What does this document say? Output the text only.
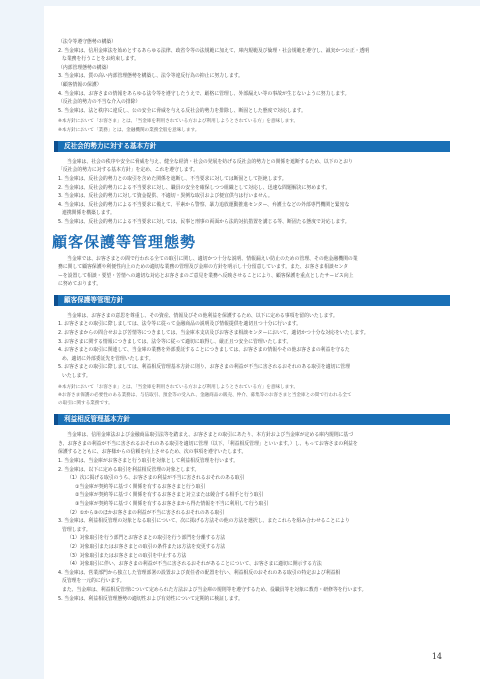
（法令等遵守態勢の構築）
2. 当金庫は、信用金庫法を始めとするあらゆる法律、政省令等の法規範に加えて、庫内規範及び倫理・社会規範を遵守し、誠実かつ公正・透明
な業務を行うことをお約束します。
（内部管理態勢の構築）
3. 当金庫は、質の高い内部管理態勢を構築し、法令等違反行為の抑止に努力します。
（顧客情報の保護）
4. 当金庫は、お客さまの情報をあらゆる法令等を遵守したうえで、厳格に管理し、外部漏えい等の事故が生じないように努力します。
（反社会的勢力の不当な介入の排除）
5. 当金庫は、法と秩序に違反し、公の安全に脅威を与える反社会的勢力を排除し、断固とした態度で対応します。
※本方針において「お客さま」とは、「当金庫を利用されている方および利用しようとされている方」を意味します。
※本方針において「業務」とは、金融機関の業務全般を意味します。
反社会的勢力に対する基本方針
当金庫は、社会の秩序や安全に脅威を与え、健全な経済・社会の発展を妨げる反社会的勢力との関係を遮断するため、以下のとおり
「反社会的勢力に対する基本方針」を定め、これを遵守します。
1. 当金庫は、反社会的勢力との取引を含めた関係を遮断し、不当要求に対しては断固として拒絶します。
2. 当金庫は、反社会的勢力による不当要求に対し、職員の安全を確保しつつ組織として対応し、迅速な問題解決に努めます。
3. 当金庫は、反社会的勢力に対して資金提供、不適切・異例な取引および便宜供与は行いません。
4. 当金庫は、反社会的勢力による不当要求に備えて、平素から警察、暴力追放運動推進センター、弁護士などの外部専門機関と緊密な
連携関係を構築します。
5. 当金庫は、反社会的勢力による不当要求に対しては、民事と刑事の両面から法的対抗措置を講じる等、断固たる態度で対応します。
顧客保護等管理態勢
当金庫では、お客さまとの間で行われる全ての取引に関し、適切かつ十分な説明、情報漏えい防止のための管理、その他金融機関の業
務に関して顧客保護や利便性向上のための適切な業務の管理及び金庫の方針を明示し十分留意しています。また、お客さま相談センタ
ーを設置して相談・要望・苦情への適切な対応とお客さまのご意見を業務へ反映させることにより、顧客保護を重点としたサービス向上
に努めております。
顧客保護等管理方針
当金庫は、お客さまの意思を尊重し、その資産、情報及びその他利益を保護するため、以下に定める事項を留的いたします。
1. お客さまとの取引に際しましては、法令等に従って金融商品の説明及び情報提供を適切且つ十分に行います。
2. お客さまからの問合せおよび苦情等につきましては、当金庫本支店及びお客さま相談センターにおいて、適切かつ十分な対応をいたします。
3. お客さまに関する情報につきましては、法令等に従って適切に取得し、厳正且つ安全に管理いたします。
4. お客さまとの取引に関連して、当金庫の業務を外部委託することにつきましては、お客さまの情報やその他お客さまの利益を守るた
め、適切に外部委託先を管理いたします。
5. お客さまとの取引に際しましては、利益相反管理基本方針に則り、お客さまの利益が不当に害されるおそれのある取引を適切に管理
いたします。
※本方針において「お客さま」とは、「当金庫を利用されている方および利用しようとされている方」を意味します。
※お客さま保護の必要性のある業務は、与信取引、預金等の受入れ、金融商品の販売、仲介、募集等のお客さまと当金庫との間で行われる全て
の取引に関する業務です。
利益相反管理基本方針
当金庫は、信用金庫法および金融商品取引法等を踏まえ、お客さまとの取引にあたり、本方針および当金庫が定める庫内規則に基づ
き、お客さまの利益が不当に害されるおそれのある取引を適切に管理（以下、「利益相反管理」といいます。）し、もってお客さまの利益を
保護するとともに、お客様からの信頼を向上させるため、次の事項を遵守いたします。
1. 当金庫は、当金庫がお客さまと行う取引を対象として利益相反管理を行います。
2. 当金庫は、以下に定める取引を利益相反管理の対象とします。
（1）次に掲げる取引のうち、お客さまの利益が不当に害されるおそれのある取引
①当金庫が契約等に基づく関係を有するお客さまと行う取引
②当金庫が契約等に基づく関係を有するお客さまと対立または競合する相手と行う取引
③当金庫が契約等に基づく関係を有するお客さまから得た情報を不当に利用して行う取引
（2）①から③のほかお客さまの利益が不当に害されるおそれのある取引
3. 当金庫は、利益相反管理の対象となる取引について、次に掲げる方法その他の方法を選択し、またこれらを組み合わせることにより
管理します。
（1）対象取引を行う部門とお客さまとの取引を行う部門を分離する方法
（2）対象取引またはお客さまとの取引の条件または方法を変更する方法
（3）対象取引またはお客さまとの取引を中止する方法
（4）対象取引に伴い、お客さまの利益が不当に害されるおそれがあることについて、お客さまに適切に開示する方法
4. 当金庫は、営業部門から独立した管理部署の設置および責任者の配置を行い、利益相反のおそれのある取引の特定および利益相
反管理を一元的に行います。
また、当金庫は、利益相反管理について定められた方法および当金庫の規則等を遵守するため、役職員等を対象に教育・研修等を行います。
5. 当金庫は、利益相反管理態勢の適切性および有効性について定期的に検証します。
14
